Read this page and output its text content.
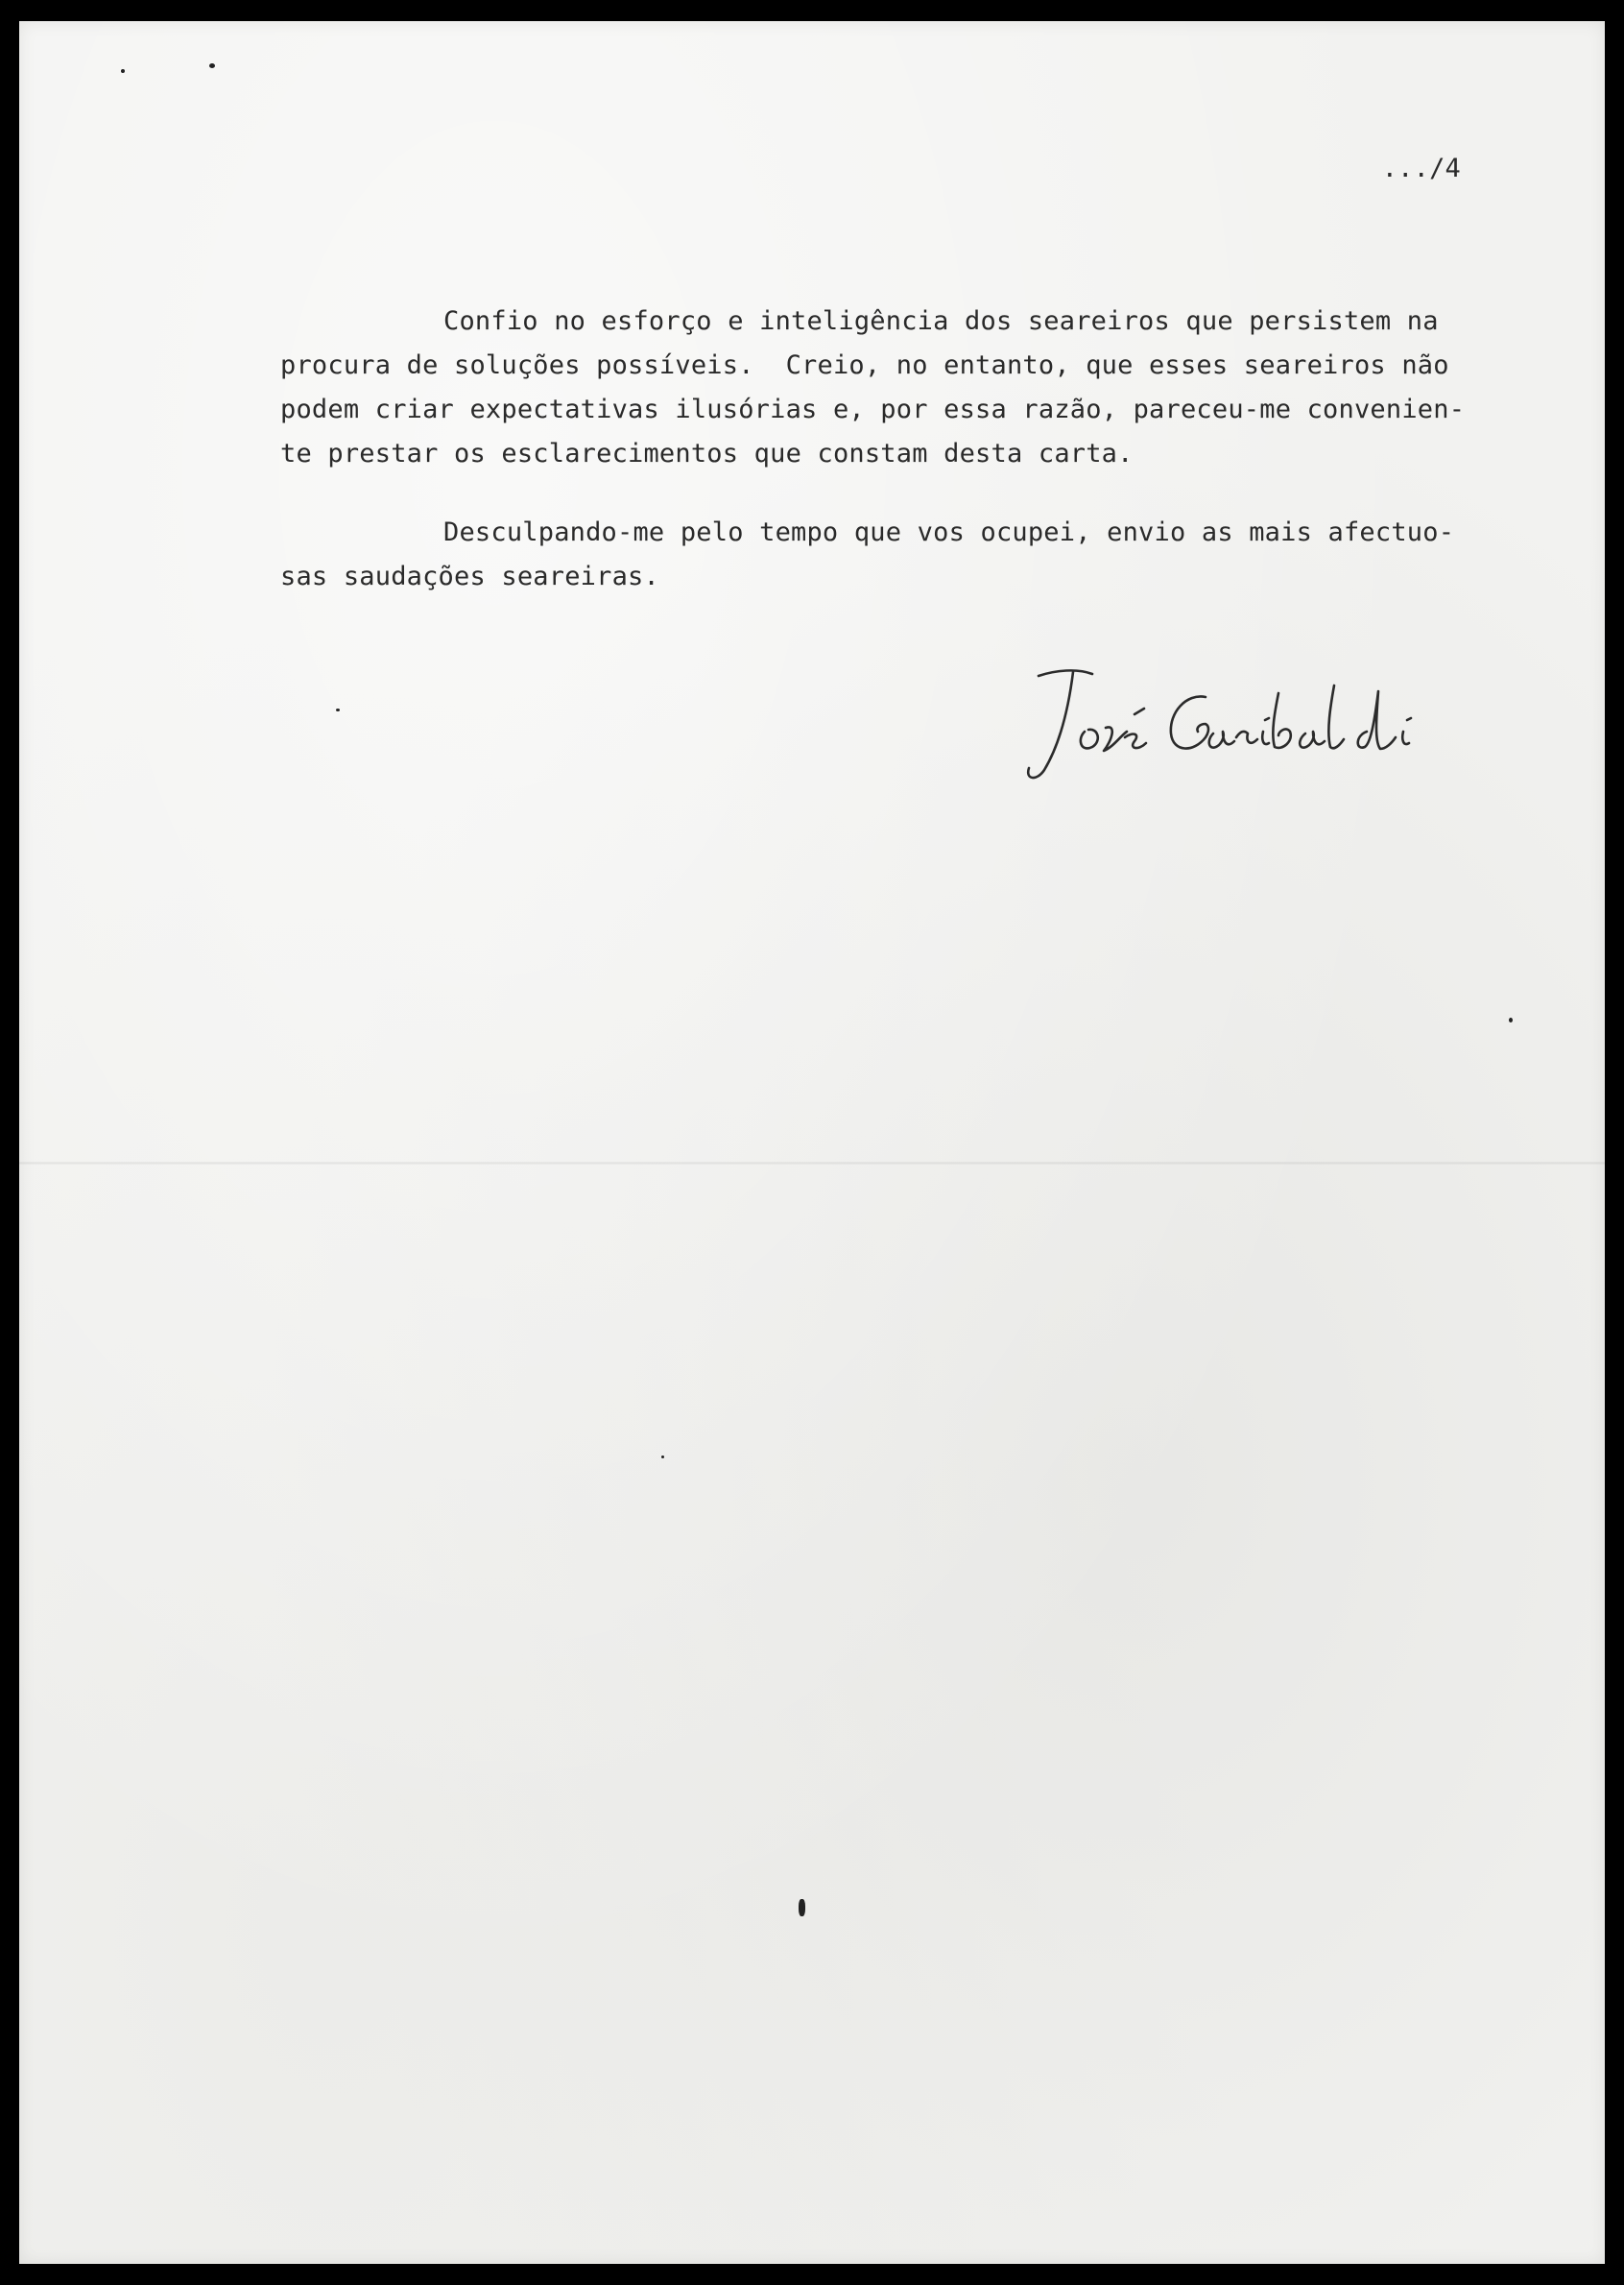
.../4
Confio no esforço e inteligência dos seareiros que persistem na
procura de soluções possíveis.  Creio, no entanto, que esses seareiros não
podem criar expectativas ilusórias e, por essa razão, pareceu-me convenien-
te prestar os esclarecimentos que constam desta carta.
Desculpando-me pelo tempo que vos ocupei, envio as mais afectuo-
sas saudações seareiras.
